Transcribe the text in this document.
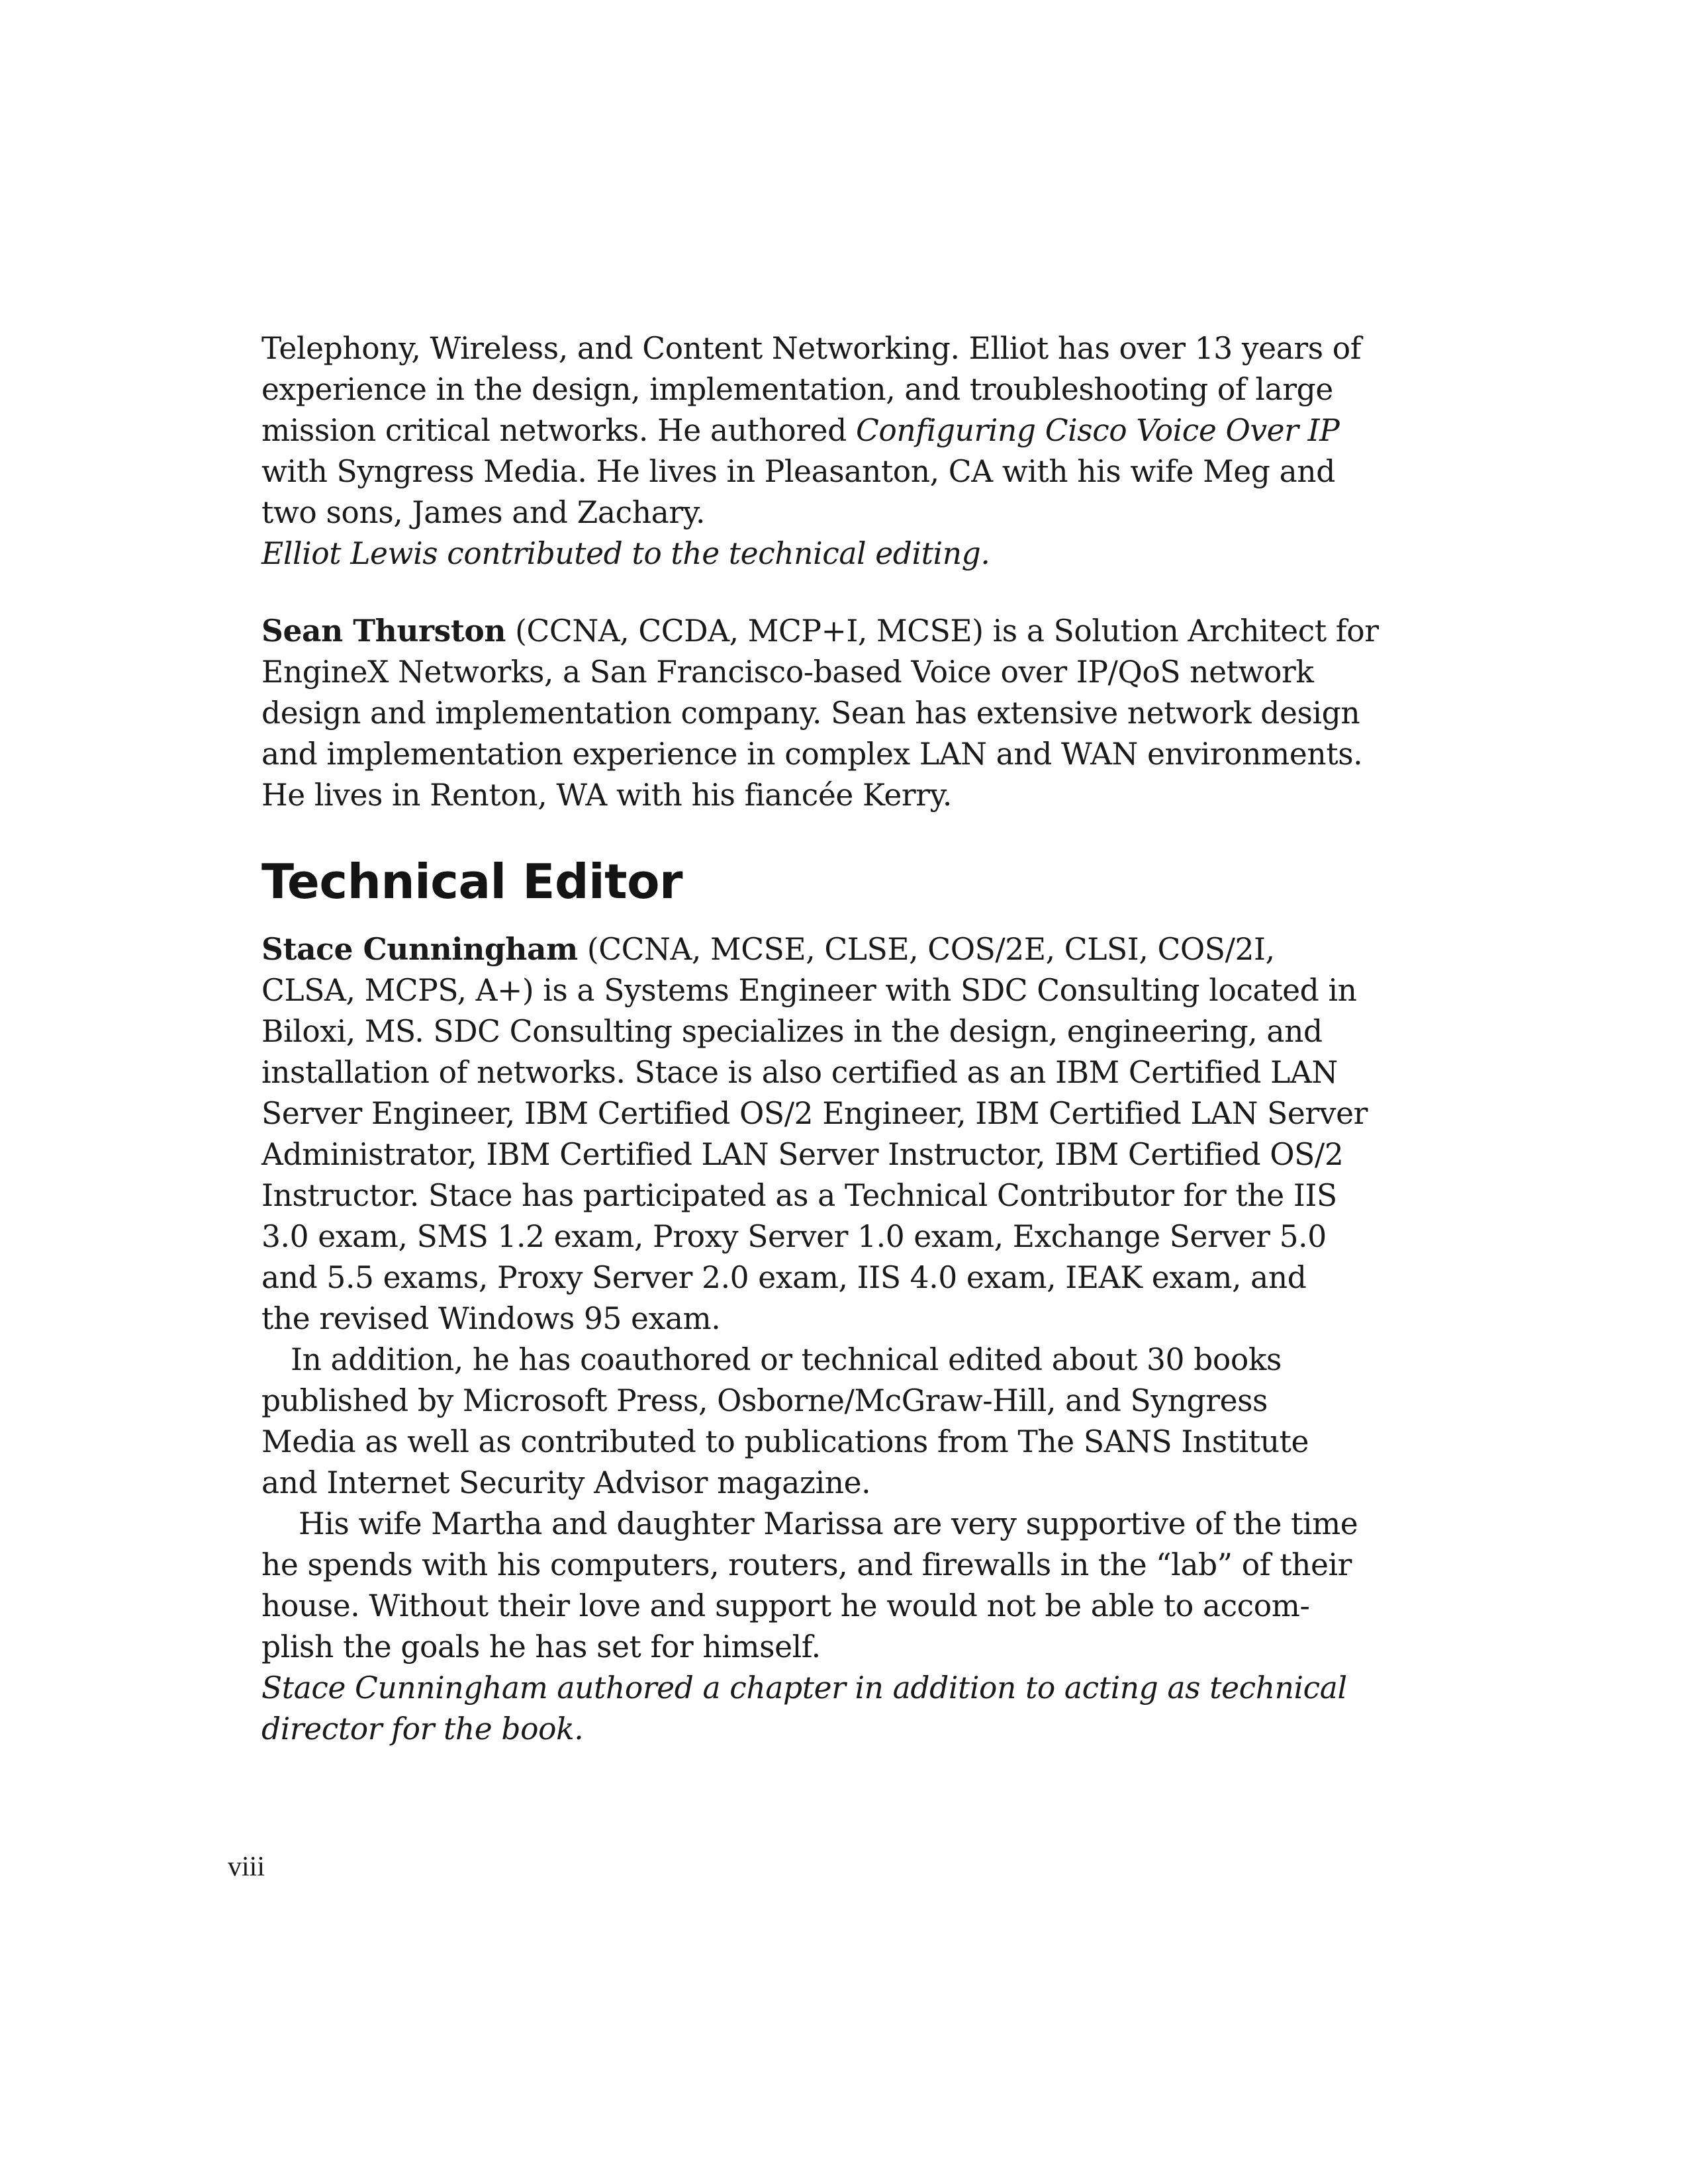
Telephony, Wireless, and Content Networking. Elliot has over 13 years of
experience in the design, implementation, and troubleshooting of large
mission critical networks. He authored Configuring Cisco Voice Over IP
with Syngress Media. He lives in Pleasanton, CA with his wife Meg and
two sons, James and Zachary.
Elliot Lewis contributed to the technical editing.
Sean Thurston (CCNA, CCDA, MCP+I, MCSE) is a Solution Architect for
EngineX Networks, a San Francisco-based Voice over IP/QoS network
design and implementation company. Sean has extensive network design
and implementation experience in complex LAN and WAN environments.
He lives in Renton, WA with his fiancée Kerry.
Technical Editor
Stace Cunningham (CCNA, MCSE, CLSE, COS/2E, CLSI, COS/2I,
CLSA, MCPS, A+) is a Systems Engineer with SDC Consulting located in
Biloxi, MS. SDC Consulting specializes in the design, engineering, and
installation of networks. Stace is also certified as an IBM Certified LAN
Server Engineer, IBM Certified OS/2 Engineer, IBM Certified LAN Server
Administrator, IBM Certified LAN Server Instructor, IBM Certified OS/2
Instructor. Stace has participated as a Technical Contributor for the IIS
3.0 exam, SMS 1.2 exam, Proxy Server 1.0 exam, Exchange Server 5.0
and 5.5 exams, Proxy Server 2.0 exam, IIS 4.0 exam, IEAK exam, and
the revised Windows 95 exam.
In addition, he has coauthored or technical edited about 30 books
published by Microsoft Press, Osborne/McGraw-Hill, and Syngress
Media as well as contributed to publications from The SANS Institute
and Internet Security Advisor magazine.
His wife Martha and daughter Marissa are very supportive of the time
he spends with his computers, routers, and firewalls in the “lab” of their
house. Without their love and support he would not be able to accom-
plish the goals he has set for himself.
Stace Cunningham authored a chapter in addition to acting as technical
director for the book.
viii
